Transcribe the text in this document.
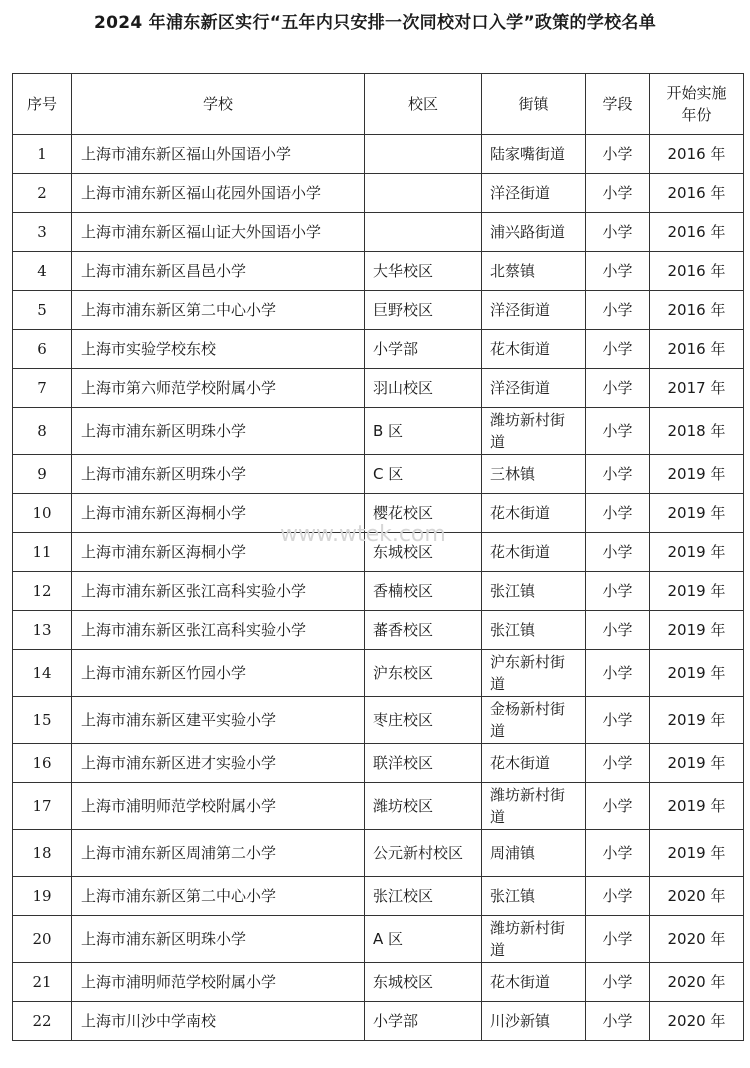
2024 年浦东新区实行“五年内只安排一次同校对口入学”政策的学校名单
序号	学校	校区	街镇	学段	开始实施
年份
1	上海市浦东新区福山外国语小学		陆家嘴街道	小学	2016 年
2	上海市浦东新区福山花园外国语小学		洋泾街道	小学	2016 年
3	上海市浦东新区福山证大外国语小学		浦兴路街道	小学	2016 年
4	上海市浦东新区昌邑小学	大华校区	北蔡镇	小学	2016 年
5	上海市浦东新区第二中心小学	巨野校区	洋泾街道	小学	2016 年
6	上海市实验学校东校	小学部	花木街道	小学	2016 年
7	上海市第六师范学校附属小学	羽山校区	洋泾街道	小学	2017 年
8	上海市浦东新区明珠小学	B 区	潍坊新村街道	小学	2018 年
9	上海市浦东新区明珠小学	C 区	三林镇	小学	2019 年
10	上海市浦东新区海桐小学	樱花校区	花木街道	小学	2019 年
11	上海市浦东新区海桐小学	东城校区	花木街道	小学	2019 年
12	上海市浦东新区张江高科实验小学	香楠校区	张江镇	小学	2019 年
13	上海市浦东新区张江高科实验小学	蕃香校区	张江镇	小学	2019 年
14	上海市浦东新区竹园小学	沪东校区	沪东新村街道	小学	2019 年
15	上海市浦东新区建平实验小学	枣庄校区	金杨新村街道	小学	2019 年
16	上海市浦东新区进才实验小学	联洋校区	花木街道	小学	2019 年
17	上海市浦明师范学校附属小学	潍坊校区	潍坊新村街道	小学	2019 年
18	上海市浦东新区周浦第二小学	公元新村校区	周浦镇	小学	2019 年
19	上海市浦东新区第二中心小学	张江校区	张江镇	小学	2020 年
20	上海市浦东新区明珠小学	A 区	潍坊新村街道	小学	2020 年
21	上海市浦明师范学校附属小学	东城校区	花木街道	小学	2020 年
22	上海市川沙中学南校	小学部	川沙新镇	小学	2020 年
www.wtek.com
